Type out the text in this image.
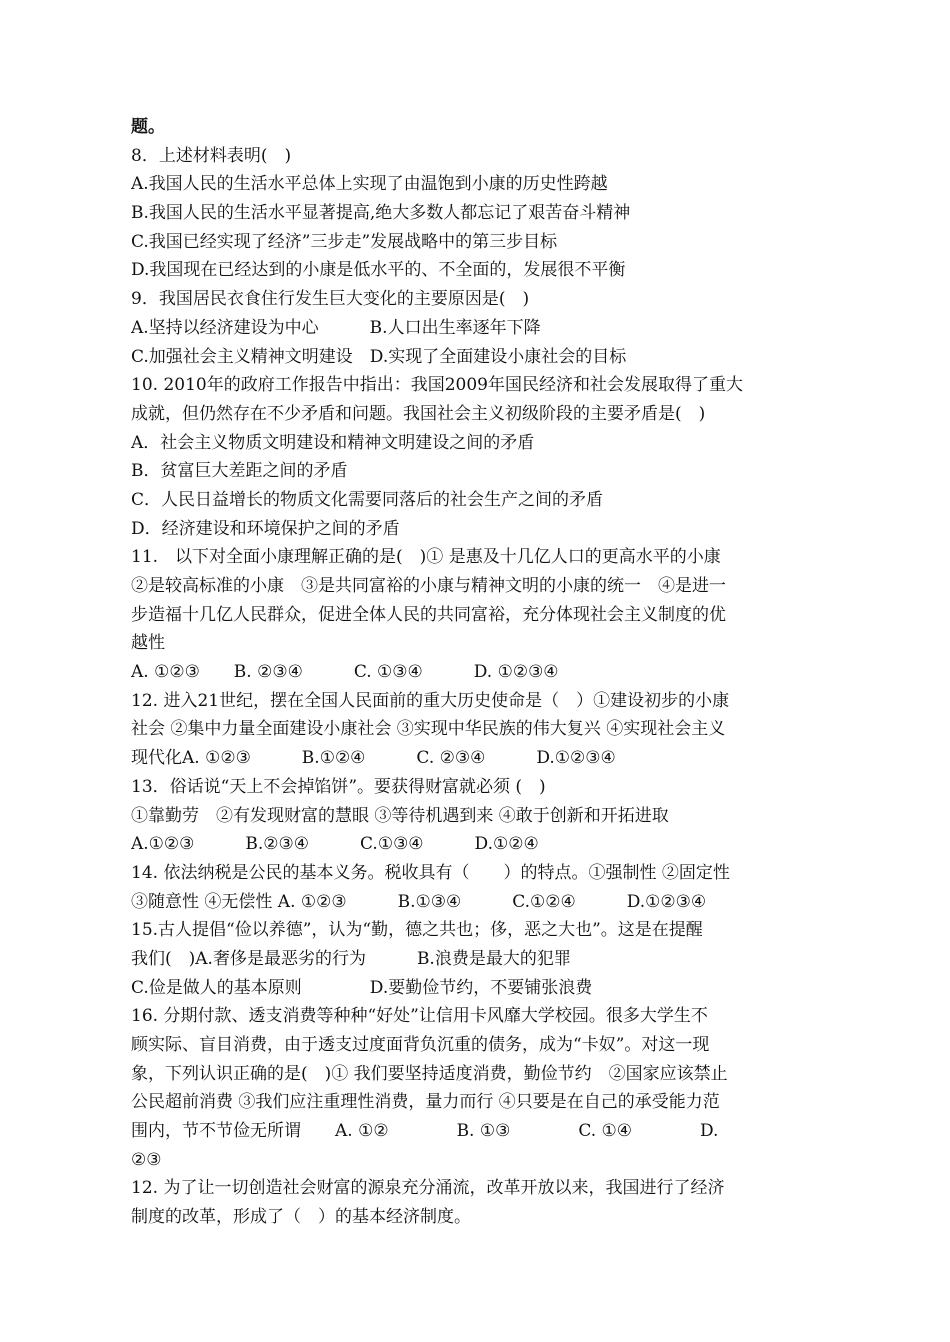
题。
8．上述材料表明(　)
A.我国人民的生活水平总体上实现了由温饱到小康的历史性跨越
B.我国人民的生活水平显著提高,绝大多数人都忘记了艰苦奋斗精神
C.我国已经实现了经济”三步走”发展战略中的第三步目标
D.我国现在已经达到的小康是低水平的、不全面的，发展很不平衡
9．我国居民衣食住行发生巨大变化的主要原因是(　)
A.坚持以经济建设为中心　　　B.人口出生率逐年下降
C.加强社会主义精神文明建设　D.实现了全面建设小康社会的目标
10. 2010年的政府工作报告中指出：我国2009年国民经济和社会发展取得了重大
成就，但仍然存在不少矛盾和问题。我国社会主义初级阶段的主要矛盾是(　)
A．社会主义物质文明建设和精神文明建设之间的矛盾
B．贫富巨大差距之间的矛盾
C．人民日益增长的物质文化需要同落后的社会生产之间的矛盾
D．经济建设和环境保护之间的矛盾
11.　以下对全面小康理解正确的是(　)① 是惠及十几亿人口的更高水平的小康
②是较高标准的小康　③是共同富裕的小康与精神文明的小康的统一　④是进一
步造福十几亿人民群众，促进全体人民的共同富裕，充分体现社会主义制度的优
越性
A. ①②③　　B. ②③④　　　C. ①③④　　　D. ①②③④
12. 进入21世纪，摆在全国人民面前的重大历史使命是（　）①建设初步的小康
社会 ②集中力量全面建设小康社会 ③实现中华民族的伟大复兴 ④实现社会主义
现代化A. ①②③　　　B.①②④　　　C. ②③④　　　D.①②③④
13．俗话说“天上不会掉馅饼”。要获得财富就必须 (　)
①靠勤劳　②有发现财富的慧眼 ③等待机遇到来 ④敢于创新和开拓进取
A.①②③　　　B.②③④　　　C.①③④　　　D.①②④
14. 依法纳税是公民的基本义务。税收具有（　　）的特点。①强制性 ②固定性
③随意性 ④无偿性 A. ①②③　　　B.①③④　　　C.①②④　　　D.①②③④
15.古人提倡“俭以养德”，认为“勤，德之共也；侈，恶之大也”。这是在提醒
我们(　)A.奢侈是最恶劣的行为　　　B.浪费是最大的犯罪
C.俭是做人的基本原则　　　　D.要勤俭节约，不要铺张浪费
16. 分期付款、透支消费等种种“好处”让信用卡风靡大学校园。很多大学生不
顾实际、盲目消费，由于透支过度面背负沉重的债务，成为“卡奴”。对这一现
象，下列认识正确的是(　)① 我们要坚持适度消费，勤俭节约　②国家应该禁止
公民超前消费 ③我们应注重理性消费，量力而行 ④只要是在自己的承受能力范
围内，节不节俭无所谓　　A. ①②　　　　B. ①③　　　　C. ①④　　　　D.
②③
12. 为了让一切创造社会财富的源泉充分涌流，改革开放以来，我国进行了经济
制度的改革，形成了（　）的基本经济制度。
